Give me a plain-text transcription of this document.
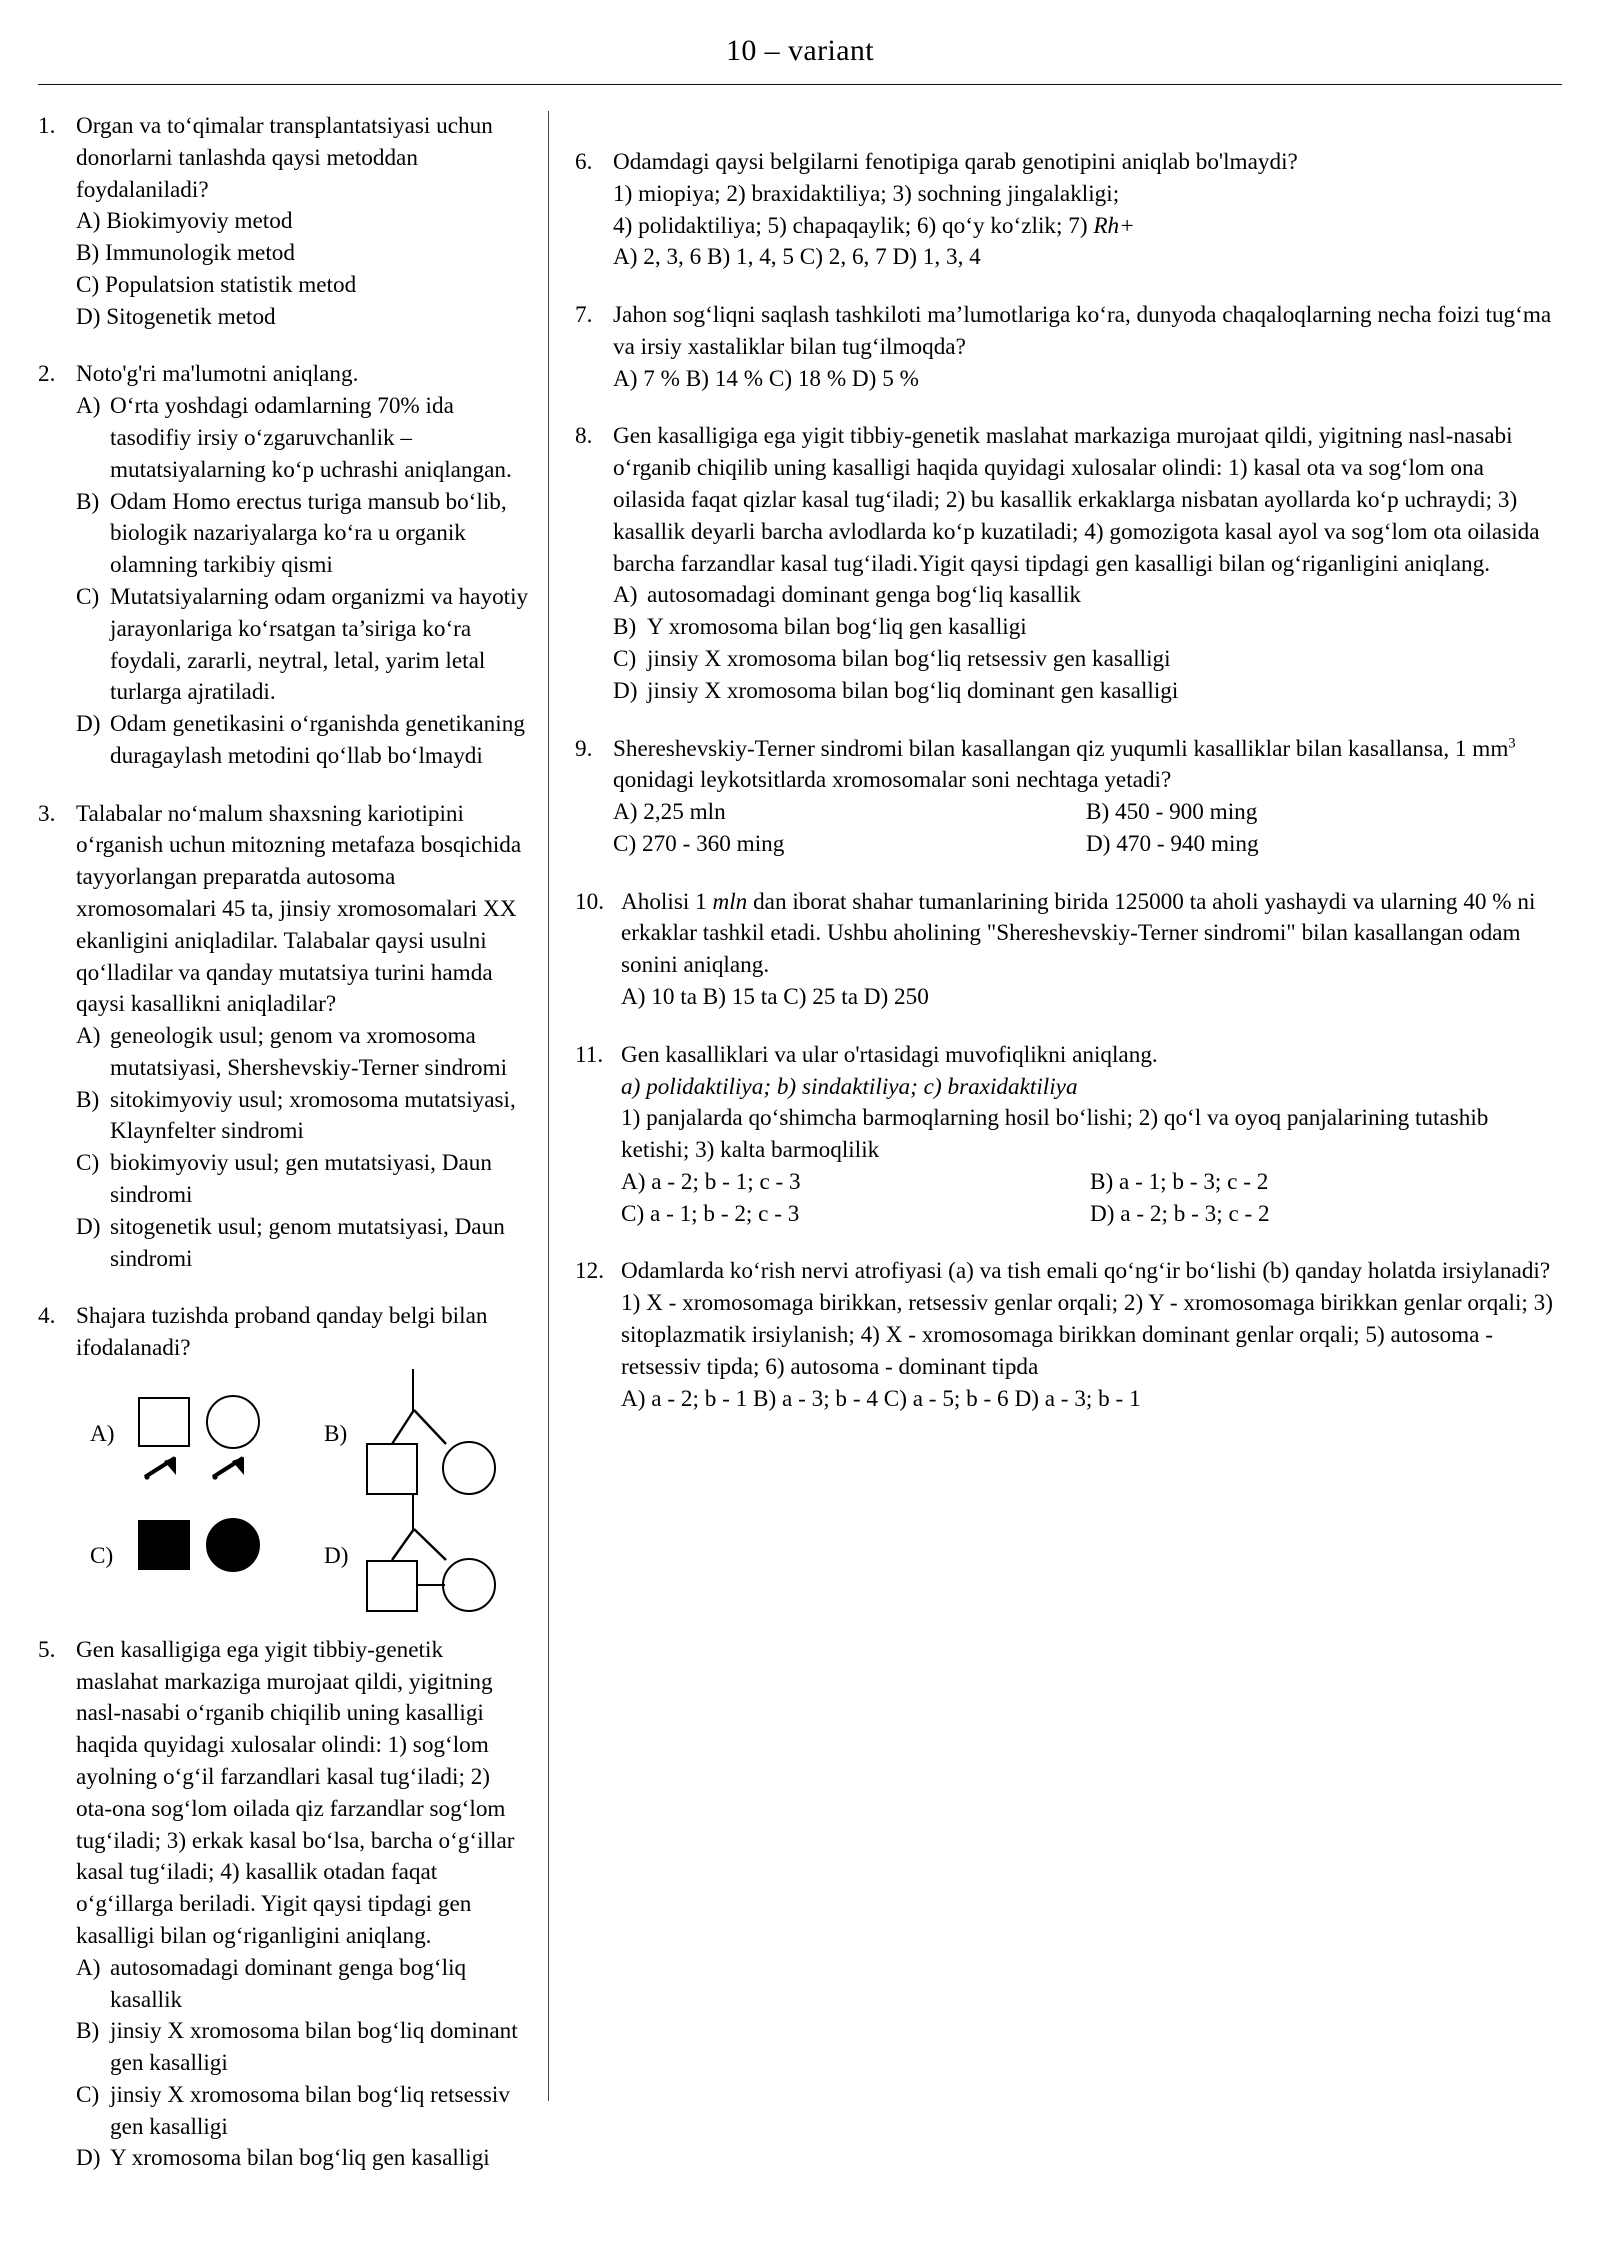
10 – variant
1. Organ va to‘qimalar transplantatsiyasi uchun donorlarni tanlashda qaysi metoddan foydalaniladi?
A) Biokimyoviy metod
B) Immunologik metod
C) Populatsion statistik metod
D) Sitogenetik metod
2. Noto'g'ri ma'lumotni aniqlang.
A) O‘rta yoshdagi odamlarning 70% ida tasodifiy irsiy o‘zgaruvchanlik – mutatsiyalarning ko‘p uchrashi aniqlangan.
B) Odam Homo erectus turiga mansub bo‘lib, biologik nazariyalarga ko‘ra u organik olamning tarkibiy qismi
C) Mutatsiyalarning odam organizmi va hayotiy jarayonlariga ko‘rsatgan ta’siriga ko‘ra foydali, zararli, neytral, letal, yarim letal turlarga ajratiladi.
D) Odam genetikasini o‘rganishda genetikaning duragaylash metodini qo‘llab bo‘lmaydi
3. Talabalar no‘malum shaxsning kariotipini o‘rganish uchun mitozning metafaza bosqichida tayyorlangan preparatda autosoma xromosomalari 45 ta, jinsiy xromosomalari XX ekanligini aniqladilar. Talabalar qaysi usulni qo‘lladilar va qanday mutatsiya turini hamda qaysi kasallikni aniqladilar?
A) geneologik usul; genom va xromosoma mutatsiyasi, Shershevskiy-Terner sindromi
B) sitokimyoviy usul; xromosoma mutatsiyasi, Klaynfelter sindromi
C) biokimyoviy usul; gen mutatsiyasi, Daun sindromi
D) sitogenetik usul; genom mutatsiyasi, Daun sindromi
4. Shajara tuzishda proband qanday belgi bilan ifodalanadi?
A)	B)
C)	D)
5. Gen kasalligiga ega yigit tibbiy-genetik maslahat markaziga murojaat qildi, yigitning nasl-nasabi o‘rganib chiqilib uning kasalligi haqida quyidagi xulosalar olindi: 1) sog‘lom ayolning o‘g‘il farzandlari kasal tug‘iladi; 2) ota-ona sog‘lom oilada qiz farzandlar sog‘lom tug‘iladi; 3) erkak kasal bo‘lsa, barcha o‘g‘illar kasal tug‘iladi; 4) kasallik otadan faqat o‘g‘illarga beriladi. Yigit qaysi tipdagi gen kasalligi bilan og‘riganligini aniqlang.
A) autosomadagi dominant genga bog‘liq kasallik
B) jinsiy X xromosoma bilan bog‘liq dominant gen kasalligi
C) jinsiy X xromosoma bilan bog‘liq retsessiv gen kasalligi
D) Y xromosoma bilan bog‘liq gen kasalligi
6. Odamdagi qaysi belgilarni fenotipiga qarab genotipini aniqlab bo'lmaydi?
1) miopiya; 2) braxidaktiliya; 3) sochning jingalakligi;
4) polidaktiliya; 5) chapaqaylik; 6) qo‘y ko‘zlik; 7) Rh+
A) 2, 3, 6 B) 1, 4, 5 C) 2, 6, 7 D) 1, 3, 4
7. Jahon sog‘liqni saqlash tashkiloti ma’lumotlariga ko‘ra, dunyoda chaqaloqlarning necha foizi tug‘ma va irsiy xastaliklar bilan tug‘ilmoqda?
A) 7 % B) 14 % C) 18 % D) 5 %
8. Gen kasalligiga ega yigit tibbiy-genetik maslahat markaziga murojaat qildi, yigitning nasl-nasabi o‘rganib chiqilib uning kasalligi haqida quyidagi xulosalar olindi: 1) kasal ota va sog‘lom ona oilasida faqat qizlar kasal tug‘iladi; 2) bu kasallik erkaklarga nisbatan ayollarda ko‘p uchraydi; 3) kasallik deyarli barcha avlodlarda ko‘p kuzatiladi; 4) gomozigota kasal ayol va sog‘lom ota oilasida barcha farzandlar kasal tug‘iladi.Yigit qaysi tipdagi gen kasalligi bilan og‘riganligini aniqlang.
A) autosomadagi dominant genga bog‘liq kasallik
B) Y xromosoma bilan bog‘liq gen kasalligi
C) jinsiy X xromosoma bilan bog‘liq retsessiv gen kasalligi
D) jinsiy X xromosoma bilan bog‘liq dominant gen kasalligi
9. Shereshevskiy-Terner sindromi bilan kasallangan qiz yuqumli kasalliklar bilan kasallansa, 1 $mm^3$ qonidagi leykotsitlarda xromosomalar soni nechtaga yetadi?
A) 2,25 mln	B) 450 - 900 ming
C) 270 - 360 ming	D) 470 - 940 ming
10. Aholisi 1 mln dan iborat shahar tumanlarining birida 125000 ta aholi yashaydi va ularning 40 % ni erkaklar tashkil etadi. Ushbu aholining "Shereshevskiy-Terner sindromi" bilan kasallangan odam sonini aniqlang.
A) 10 ta B) 15 ta C) 25 ta D) 250
11. Gen kasalliklari va ular o'rtasidagi muvofiqlikni aniqlang.
a) polidaktiliya; b) sindaktiliya; c) braxidaktiliya
1) panjalarda qo‘shimcha barmoqlarning hosil bo‘lishi; 2) qo‘l va oyoq panjalarining tutashib ketishi; 3) kalta barmoqlilik
A) a - 2; b - 1; c - 3	B) a - 1; b - 3; c - 2
C) a - 1; b - 2; c - 3	D) a - 2; b - 3; c - 2
12. Odamlarda ko‘rish nervi atrofiyasi (a) va tish emali qo‘ng‘ir bo‘lishi (b) qanday holatda irsiylanadi?
1) X - xromosomaga birikkan, retsessiv genlar orqali; 2) Y - xromosomaga birikkan genlar orqali; 3) sitoplazmatik irsiylanish; 4) X - xromosomaga birikkan dominant genlar orqali; 5) autosoma - retsessiv tipda; 6) autosoma - dominant tipda
A) a - 2; b - 1 B) a - 3; b - 4 C) a - 5; b - 6 D) a - 3; b - 1
